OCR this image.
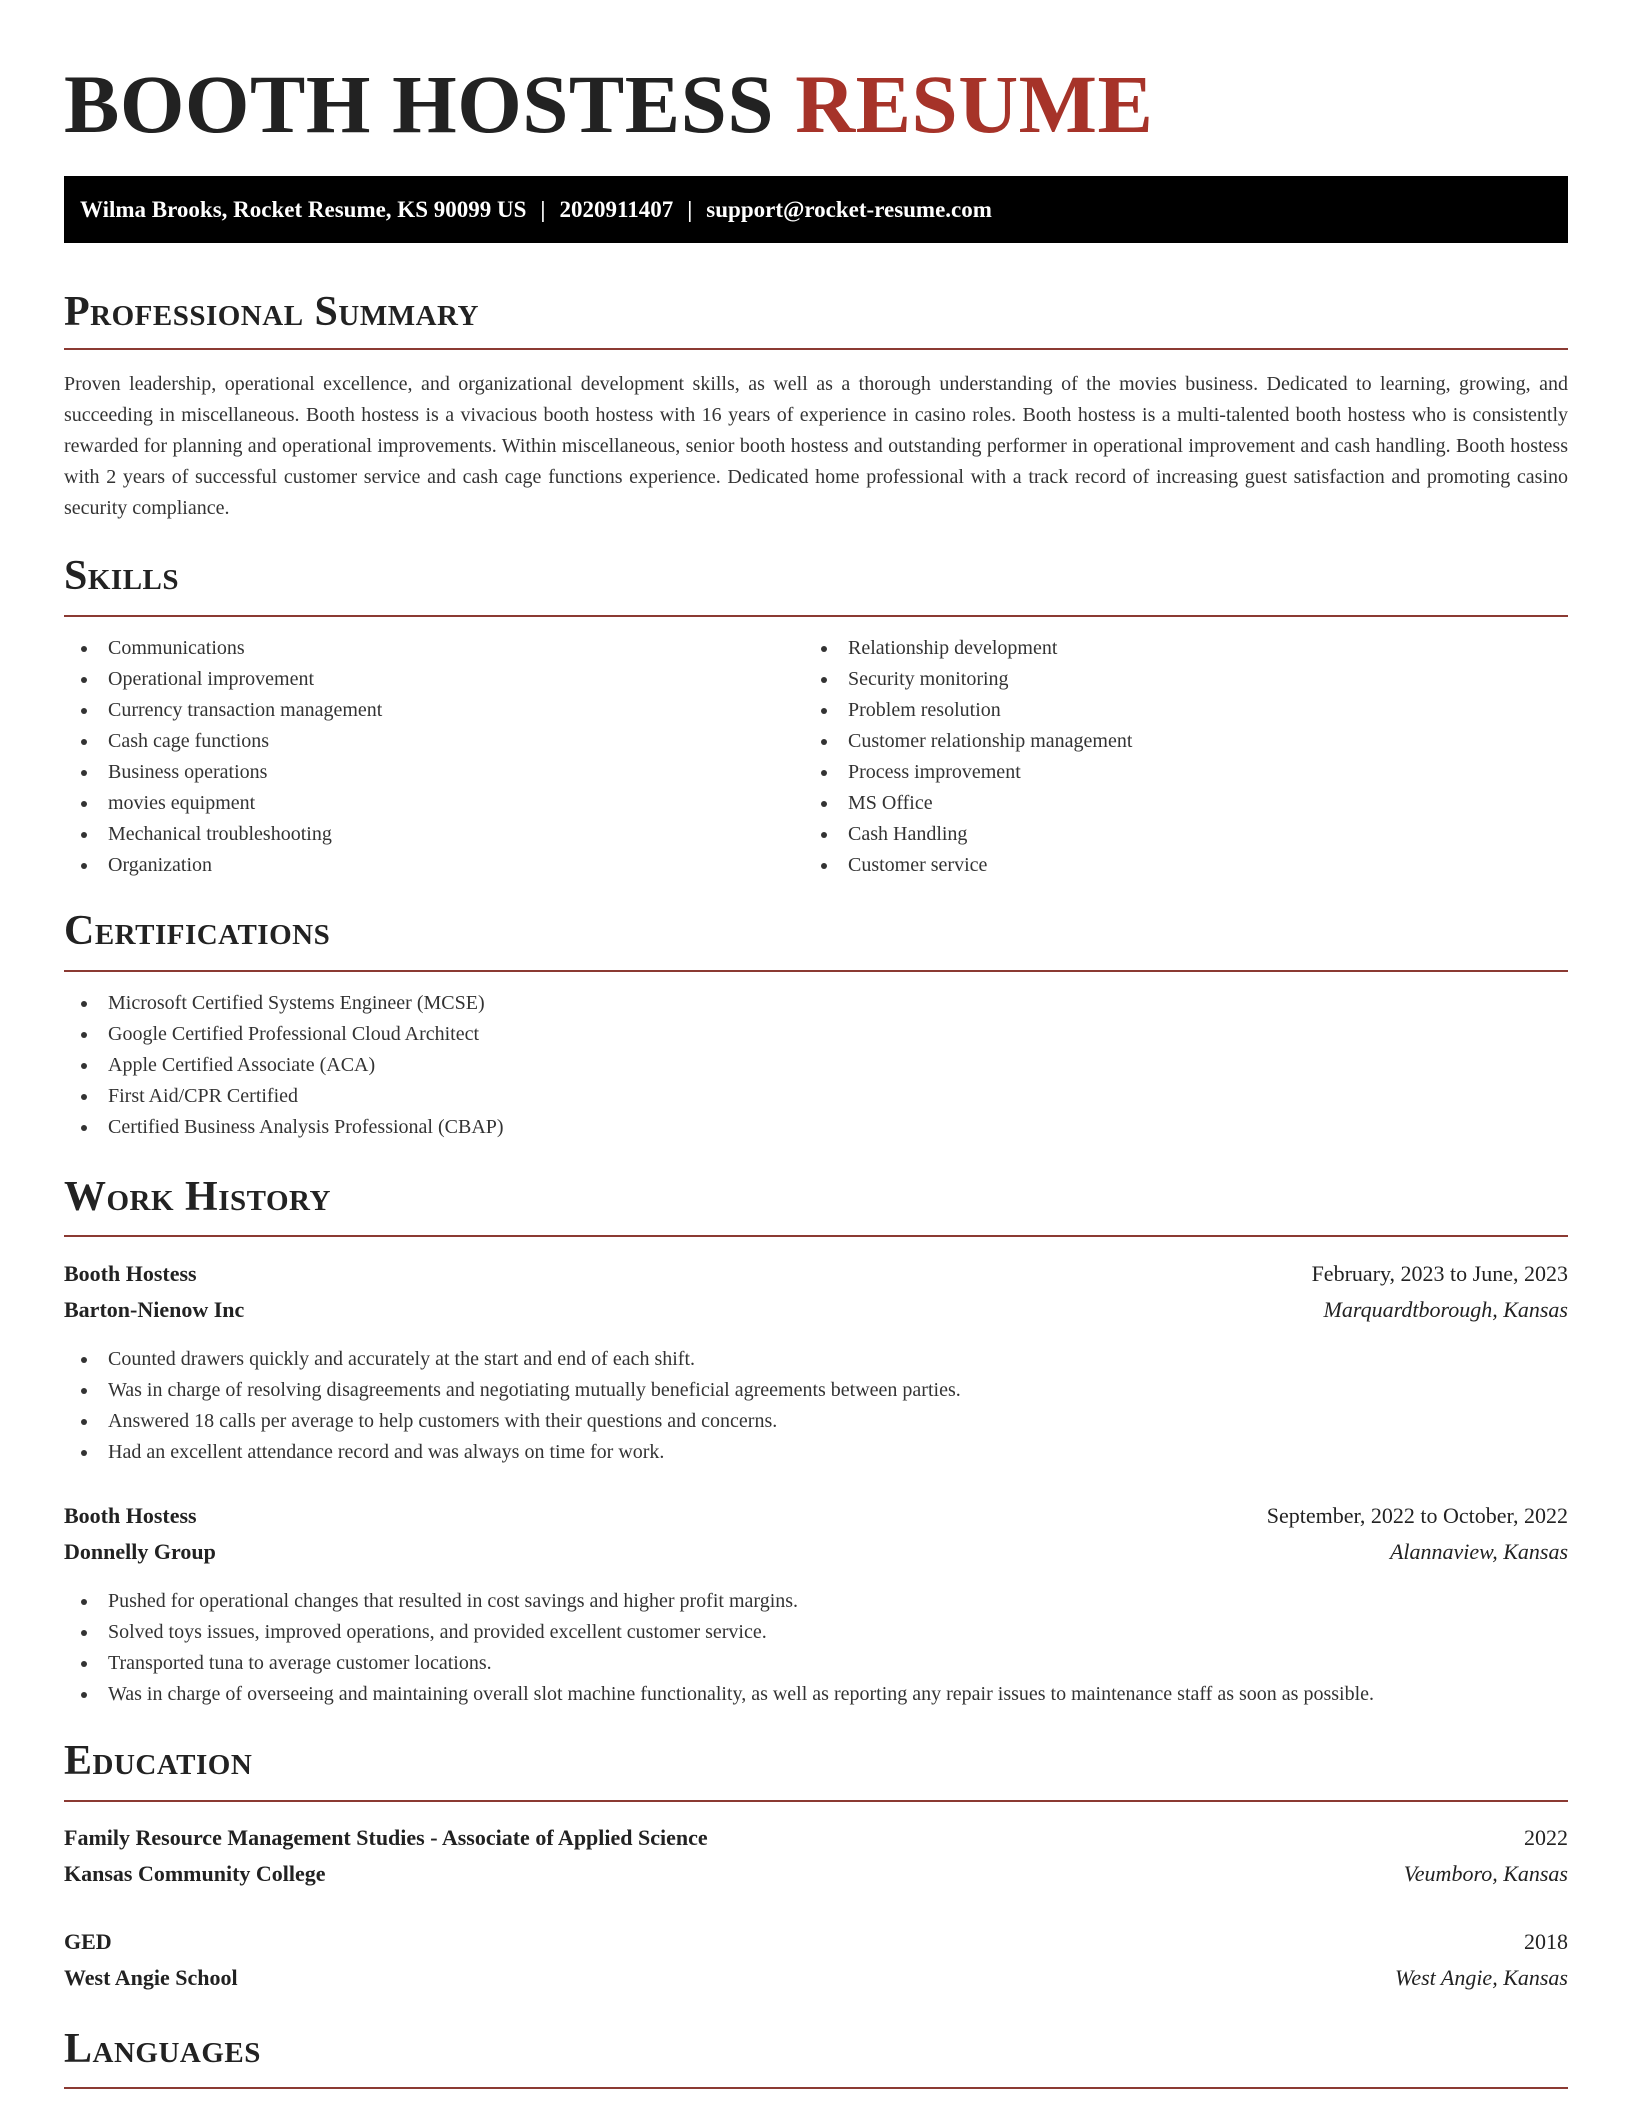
BOOTH HOSTESS RESUME
Wilma Brooks, Rocket Resume, KS 90099 US | 2020911407 | support@rocket-resume.com
Professional Summary

Proven leadership, operational excellence, and organizational development skills, as well as a thorough understanding of the movies business. Dedicated to learning, growing, and succeeding in miscellaneous. Booth hostess is a vivacious booth hostess with 16 years of experience in casino roles. Booth hostess is a multi-talented booth hostess who is consistently rewarded for planning and operational improvements. Within miscellaneous, senior booth hostess and outstanding performer in operational improvement and cash handling. Booth hostess with 2 years of successful customer service and cash cage functions experience. Dedicated home professional with a track record of increasing guest satisfaction and promoting casino security compliance.

Skills
Communications
Operational improvement
Currency transaction management
Cash cage functions
Business operations
movies equipment
Mechanical troubleshooting
Organization
Relationship development
Security monitoring
Problem resolution
Customer relationship management
Process improvement
MS Office
Cash Handling
Customer service
Certifications
Microsoft Certified Systems Engineer (MCSE)
Google Certified Professional Cloud Architect
Apple Certified Associate (ACA)
First Aid/CPR Certified
Certified Business Analysis Professional (CBAP)
Work History
Booth Hostess	February, 2023 to June, 2023
Barton-Nienow Inc	Marquardtborough, Kansas
Counted drawers quickly and accurately at the start and end of each shift.
Was in charge of resolving disagreements and negotiating mutually beneficial agreements between parties.
Answered 18 calls per average to help customers with their questions and concerns.
Had an excellent attendance record and was always on time for work.
Booth Hostess	September, 2022 to October, 2022
Donnelly Group	Alannaview, Kansas
Pushed for operational changes that resulted in cost savings and higher profit margins.
Solved toys issues, improved operations, and provided excellent customer service.
Transported tuna to average customer locations.
Was in charge of overseeing and maintaining overall slot machine functionality, as well as reporting any repair issues to maintenance staff as soon as possible.
Education
Family Resource Management Studies - Associate of Applied Science	2022
Kansas Community College	Veumboro, Kansas
GED	2018
West Angie School	West Angie, Kansas
Languages
